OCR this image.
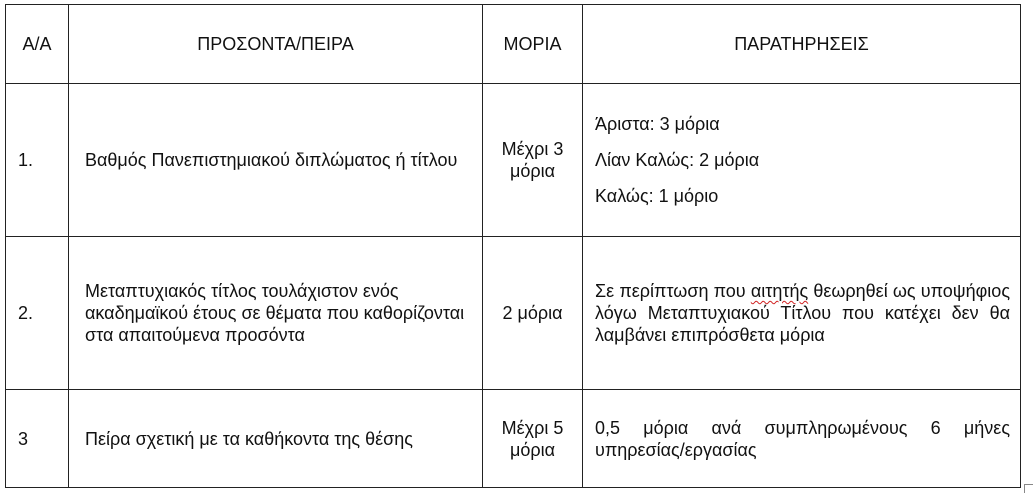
Α/Α	ΠΡΟΣΟΝΤΑ/ΠΕΙΡΑ	ΜΟΡΙΑ	ΠΑΡΑΤΗΡΗΣΕΙΣ
1.	Βαθμός Πανεπιστημιακού διπλώματος ή τίτλου	Μέχρι 3 μόρια	Άριστα: 3 μόρια
Λίαν Καλώς: 2 μόρια
Καλώς: 1 μόριο

2.	Μεταπτυχιακός τίτλος τουλάχιστον ενός ακαδημαϊκού έτους σε θέματα που καθορίζονται στα απαιτούμενα προσόντα	2 μόρια	Σε περίπτωση που αιτητής θεωρηθεί ως υποψήφιος λόγω Μεταπτυχιακού Τίτλου που κατέχει δεν θα λαμβάνει επιπρόσθετα μόρια
3	Πείρα σχετική με τα καθήκοντα της θέσης	Μέχρι 5 μόρια	0,5 μόρια ανά συμπληρωμένους 6 μήνες υπηρεσίας/εργασίας
